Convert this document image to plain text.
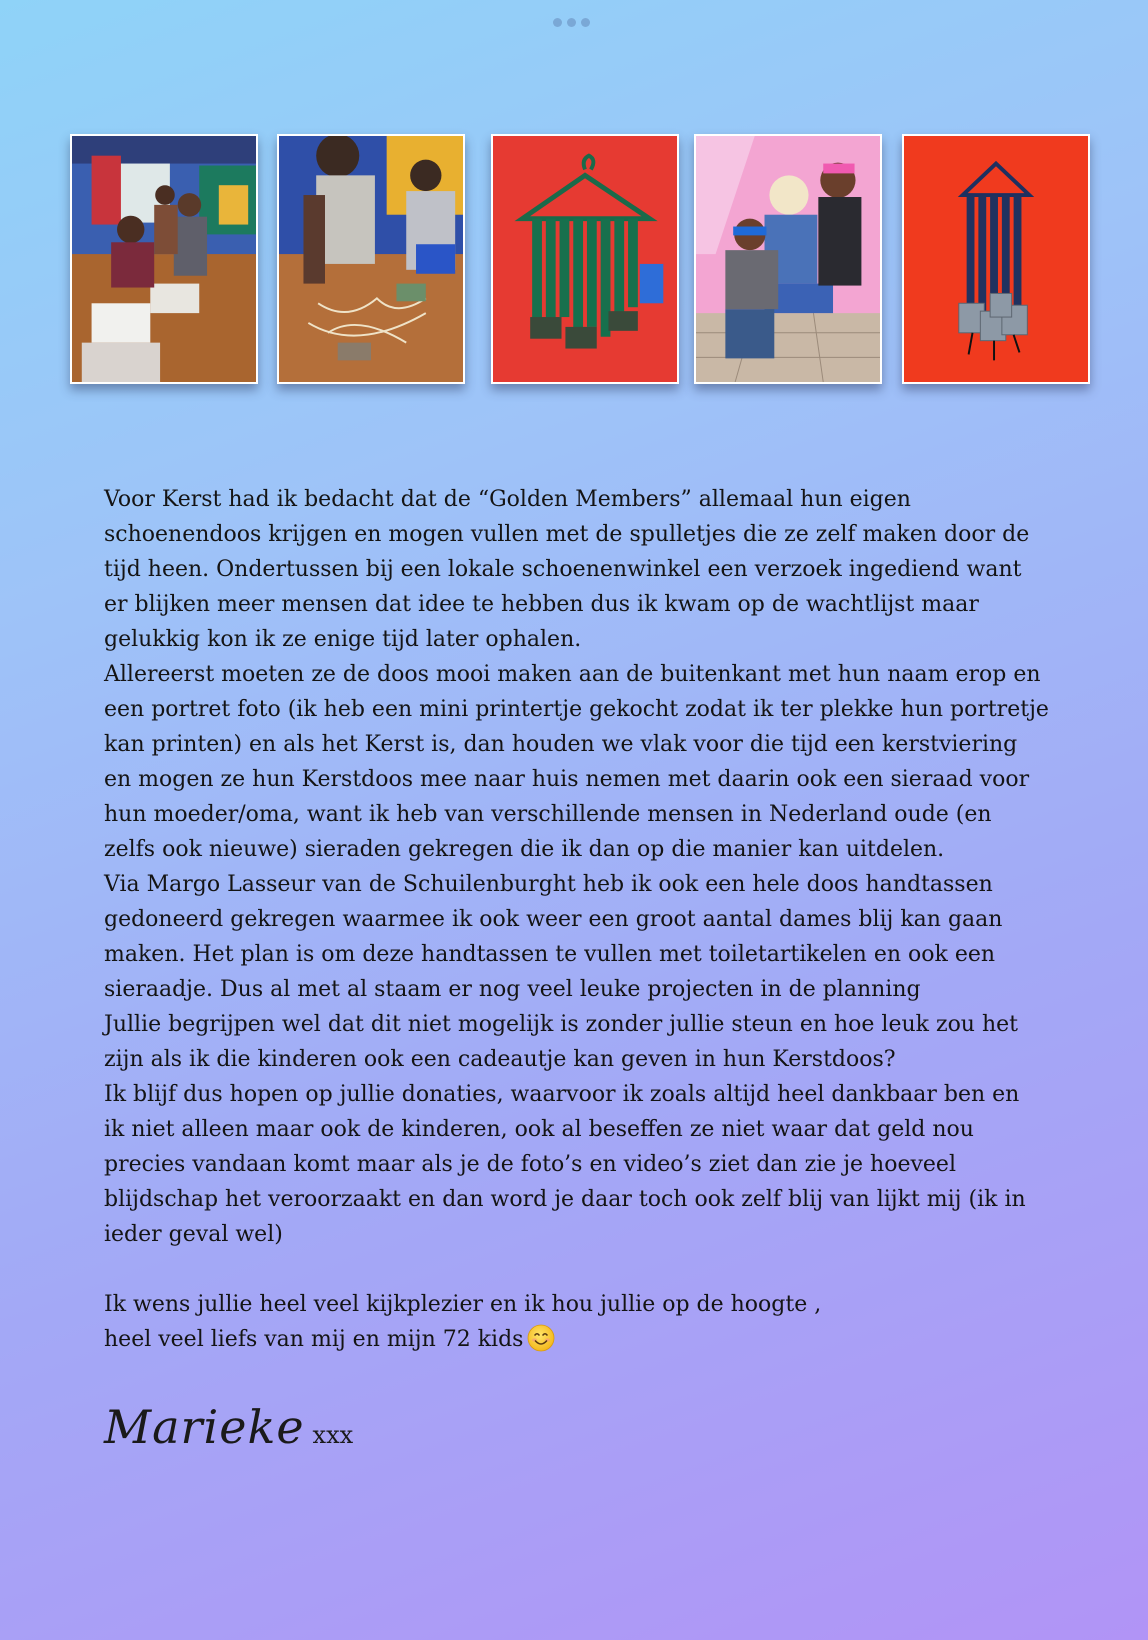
Voor Kerst had ik bedacht dat de “Golden Members” allemaal hun eigen

schoenendoos krijgen en mogen vullen met de spulletjes die ze zelf maken door de

tijd heen. Ondertussen bij een lokale schoenenwinkel een verzoek ingediend want

er blijken meer mensen dat idee te hebben dus ik kwam op de wachtlijst maar

gelukkig kon ik ze enige tijd later ophalen.

Allereerst moeten ze de doos mooi maken aan de buitenkant met hun naam erop en

een portret foto (ik heb een mini printertje gekocht zodat ik ter plekke hun portretje

kan printen) en als het Kerst is, dan houden we vlak voor die tijd een kerstviering

en mogen ze hun Kerstdoos mee naar huis nemen met daarin ook een sieraad voor

hun moeder/oma, want ik heb van verschillende mensen in Nederland oude (en

zelfs ook nieuwe) sieraden gekregen die ik dan op die manier kan uitdelen.

Via Margo Lasseur van de Schuilenburght heb ik ook een hele doos handtassen

gedoneerd gekregen waarmee ik ook weer een groot aantal dames blij kan gaan

maken. Het plan is om deze handtassen te vullen met toiletartikelen en ook een

sieraadje. Dus al met al staam er nog veel leuke projecten in de planning

Jullie begrijpen wel dat dit niet mogelijk is zonder jullie steun en hoe leuk zou het

zijn als ik die kinderen ook een cadeautje kan geven in hun Kerstdoos?

Ik blijf dus hopen op jullie donaties, waarvoor ik zoals altijd heel dankbaar ben en

ik niet alleen maar ook de kinderen, ook al beseffen ze niet waar dat geld nou

precies vandaan komt maar als je de foto’s en video’s ziet dan zie je hoeveel

blijdschap het veroorzaakt en dan word je daar toch ook zelf blij van lijkt mij (ik in

ieder geval wel)

Ik wens jullie heel veel kijkplezier en ik hou jullie op de hoogte ,

heel veel liefs van mij en mijn 72 kids

Marieke xxx
